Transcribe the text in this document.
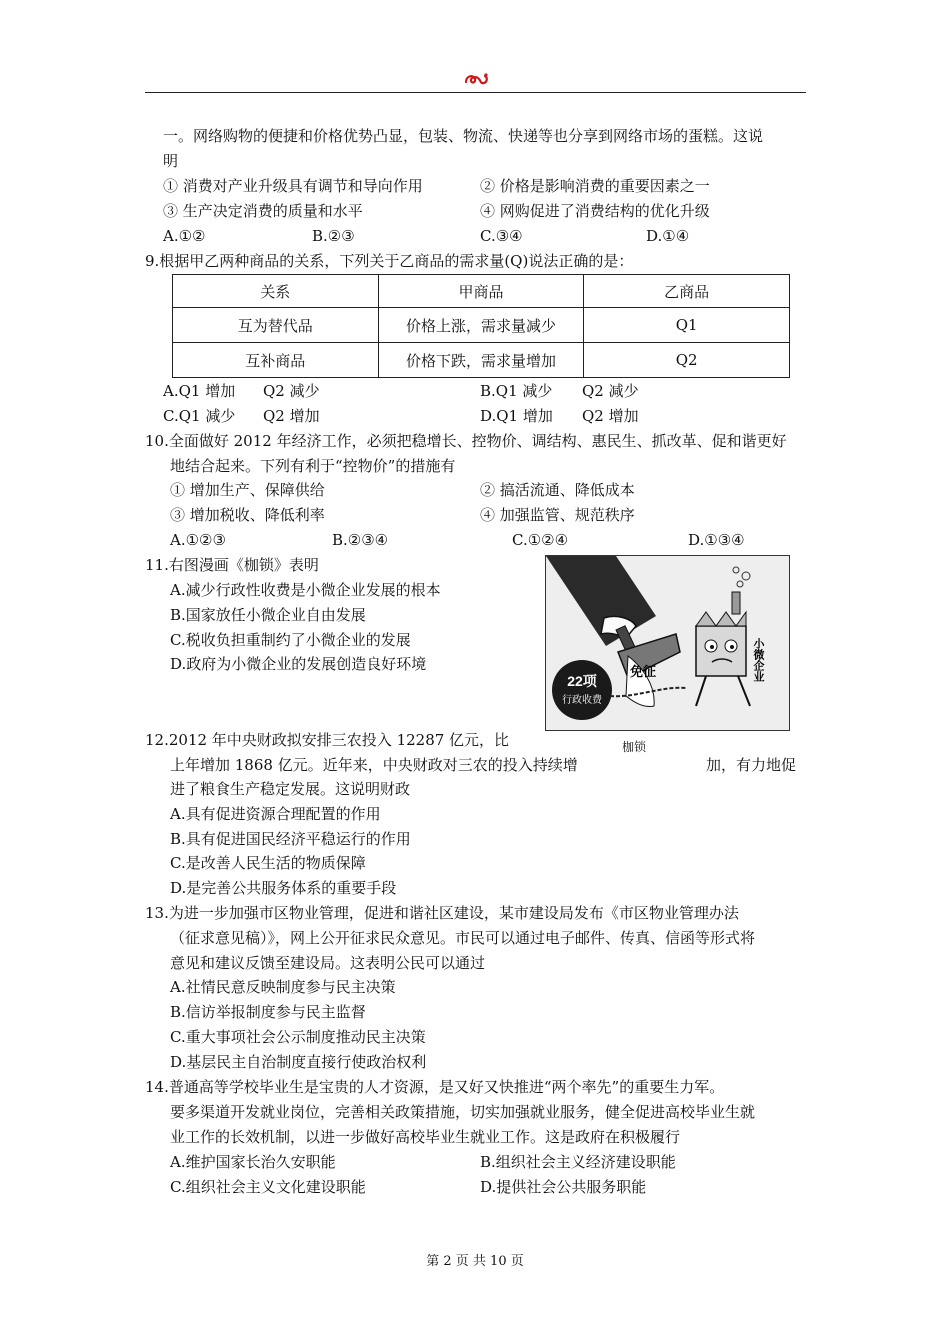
一。网络购物的便捷和价格优势凸显，包装、物流、快递等也分享到网络市场的蛋糕。这说
明
① 消费对产业升级具有调节和导向作用	② 价格是影响消费的重要因素之一
③ 生产决定消费的质量和水平	④ 网购促进了消费结构的优化升级
A.①②	B.②③	C.③④	D.①④
9.根据甲乙两种商品的关系，下列关于乙商品的需求量(Q)说法正确的是：
关系	甲商品	乙商品
互为替代品	价格上涨，需求量减少	Q1
互补商品	价格下跌，需求量增加	Q2
A.Q1 增加 Q2 减少	B.Q1 减少 Q2 减少
C.Q1 减少 Q2 增加	D.Q1 增加 Q2 增加
10.全面做好 2012 年经济工作，必须把稳增长、控物价、调结构、惠民生、抓改革、促和谐更好
地结合起来。下列有利于“控物价”的措施有
① 增加生产、保障供给	② 搞活流通、降低成本
③ 增加税收、降低利率	④ 加强监管、规范秩序
A.①②③	B.②③④	C.①②④	D.①③④
11.右图漫画《枷锁》表明
A.减少行政性收费是小微企业发展的根本
B.国家放任小微企业自由发展
C.税收负担重制约了小微企业的发展
D.政府为小微企业的发展创造良好环境	免征
22项
行政收费
小微企业
枷锁
12.2012 年中央财政拟安排三农投入 12287 亿元，比
上年增加 1868 亿元。近年来，中央财政对三农的投入持续增	加，有力地促
进了粮食生产稳定发展。这说明财政
A.具有促进资源合理配置的作用
B.具有促进国民经济平稳运行的作用
C.是改善人民生活的物质保障
D.是完善公共服务体系的重要手段
13.为进一步加强市区物业管理，促进和谐社区建设，某市建设局发布《市区物业管理办法
（征求意见稿）》，网上公开征求民众意见。市民可以通过电子邮件、传真、信函等形式将
意见和建议反馈至建设局。这表明公民可以通过
A.社情民意反映制度参与民主决策
B.信访举报制度参与民主监督
C.重大事项社会公示制度推动民主决策
D.基层民主自治制度直接行使政治权利
14.普通高等学校毕业生是宝贵的人才资源，是又好又快推进“两个率先”的重要生力军。
要多渠道开发就业岗位，完善相关政策措施，切实加强就业服务，健全促进高校毕业生就
业工作的长效机制，以进一步做好高校毕业生就业工作。这是政府在积极履行
A.维护国家长治久安职能	B.组织社会主义经济建设职能
C.组织社会主义文化建设职能	D.提供社会公共服务职能
第 2 页 共 10 页
